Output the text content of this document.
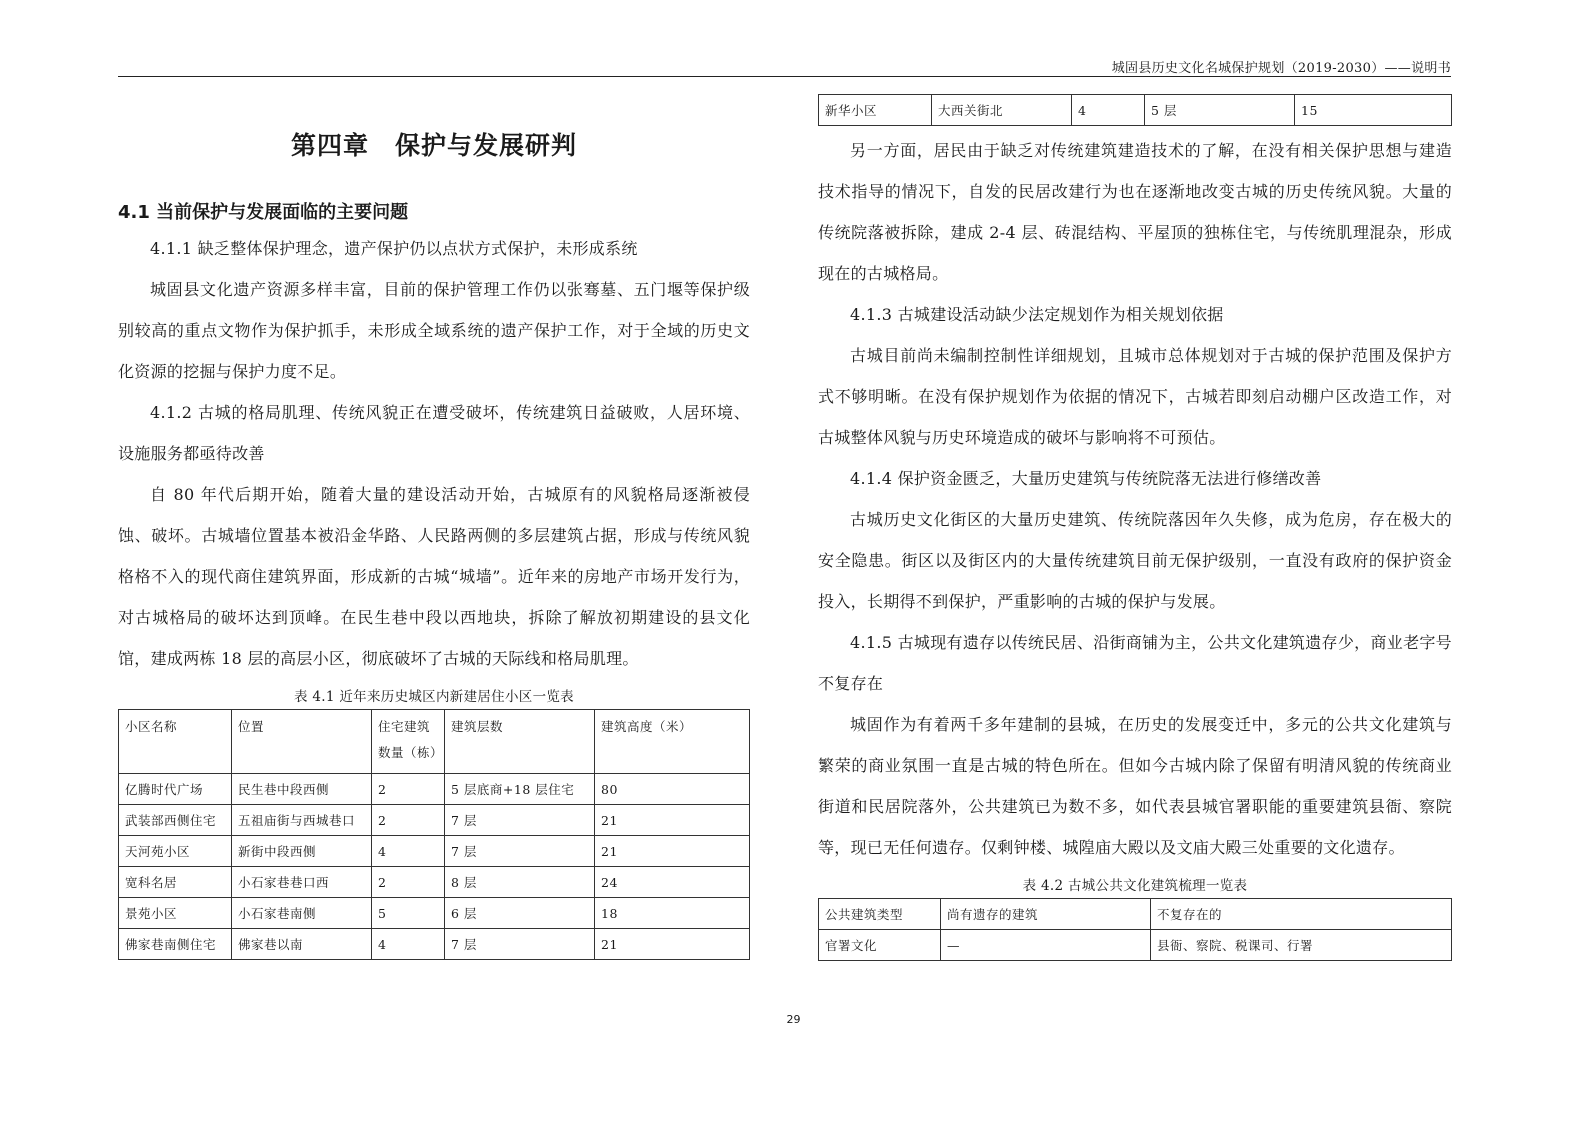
城固县历史文化名城保护规划（2019-2030）——说明书
第四章　保护与发展研判
4.1 当前保护与发展面临的主要问题

4.1.1 缺乏整体保护理念，遗产保护仍以点状方式保护，未形成系统

城固县文化遗产资源多样丰富，目前的保护管理工作仍以张骞墓、五门堰等保护级别较高的重点文物作为保护抓手，未形成全域系统的遗产保护工作，对于全域的历史文化资源的挖掘与保护力度不足。

4.1.2 古城的格局肌理、传统风貌正在遭受破坏，传统建筑日益破败，人居环境、设施服务都亟待改善

自 80 年代后期开始，随着大量的建设活动开始，古城原有的风貌格局逐渐被侵蚀、破坏。古城墙位置基本被沿金华路、人民路两侧的多层建筑占据，形成与传统风貌格格不入的现代商住建筑界面，形成新的古城“城墙”。近年来的房地产市场开发行为，对古城格局的破坏达到顶峰。在民生巷中段以西地块，拆除了解放初期建设的县文化馆，建成两栋 18 层的高层小区，彻底破坏了古城的天际线和格局肌理。

表 4.1 近年来历史城区内新建居住小区一览表
小区名称	位置	住宅建筑数量（栋）	建筑层数	建筑高度（米）
亿腾时代广场	民生巷中段西侧	2	5 层底商+18 层住宅	80
武装部西侧住宅	五祖庙街与西城巷口	2	7 层	21
天河苑小区	新街中段西侧	4	7 层	21
宽科名居	小石家巷巷口西	2	8 层	24
景苑小区	小石家巷南侧	5	6 层	18
佛家巷南侧住宅	佛家巷以南	4	7 层	21
新华小区	大西关街北	4	5 层	15

另一方面，居民由于缺乏对传统建筑建造技术的了解，在没有相关保护思想与建造技术指导的情况下，自发的民居改建行为也在逐渐地改变古城的历史传统风貌。大量的传统院落被拆除，建成 2-4 层、砖混结构、平屋顶的独栋住宅，与传统肌理混杂，形成现在的古城格局。

4.1.3 古城建设活动缺少法定规划作为相关规划依据

古城目前尚未编制控制性详细规划，且城市总体规划对于古城的保护范围及保护方式不够明晰。在没有保护规划作为依据的情况下，古城若即刻启动棚户区改造工作，对古城整体风貌与历史环境造成的破坏与影响将不可预估。

4.1.4 保护资金匮乏，大量历史建筑与传统院落无法进行修缮改善

古城历史文化街区的大量历史建筑、传统院落因年久失修，成为危房，存在极大的安全隐患。街区以及街区内的大量传统建筑目前无保护级别，一直没有政府的保护资金投入，长期得不到保护，严重影响的古城的保护与发展。

4.1.5 古城现有遗存以传统民居、沿街商铺为主，公共文化建筑遗存少，商业老字号不复存在

城固作为有着两千多年建制的县城，在历史的发展变迁中，多元的公共文化建筑与繁荣的商业氛围一直是古城的特色所在。但如今古城内除了保留有明清风貌的传统商业街道和民居院落外，公共建筑已为数不多，如代表县城官署职能的重要建筑县衙、察院等，现已无任何遗存。仅剩钟楼、城隍庙大殿以及文庙大殿三处重要的文化遗存。

表 4.2 古城公共文化建筑梳理一览表
公共建筑类型	尚有遗存的建筑	不复存在的
官署文化	—	县衙、察院、税课司、行署
29
